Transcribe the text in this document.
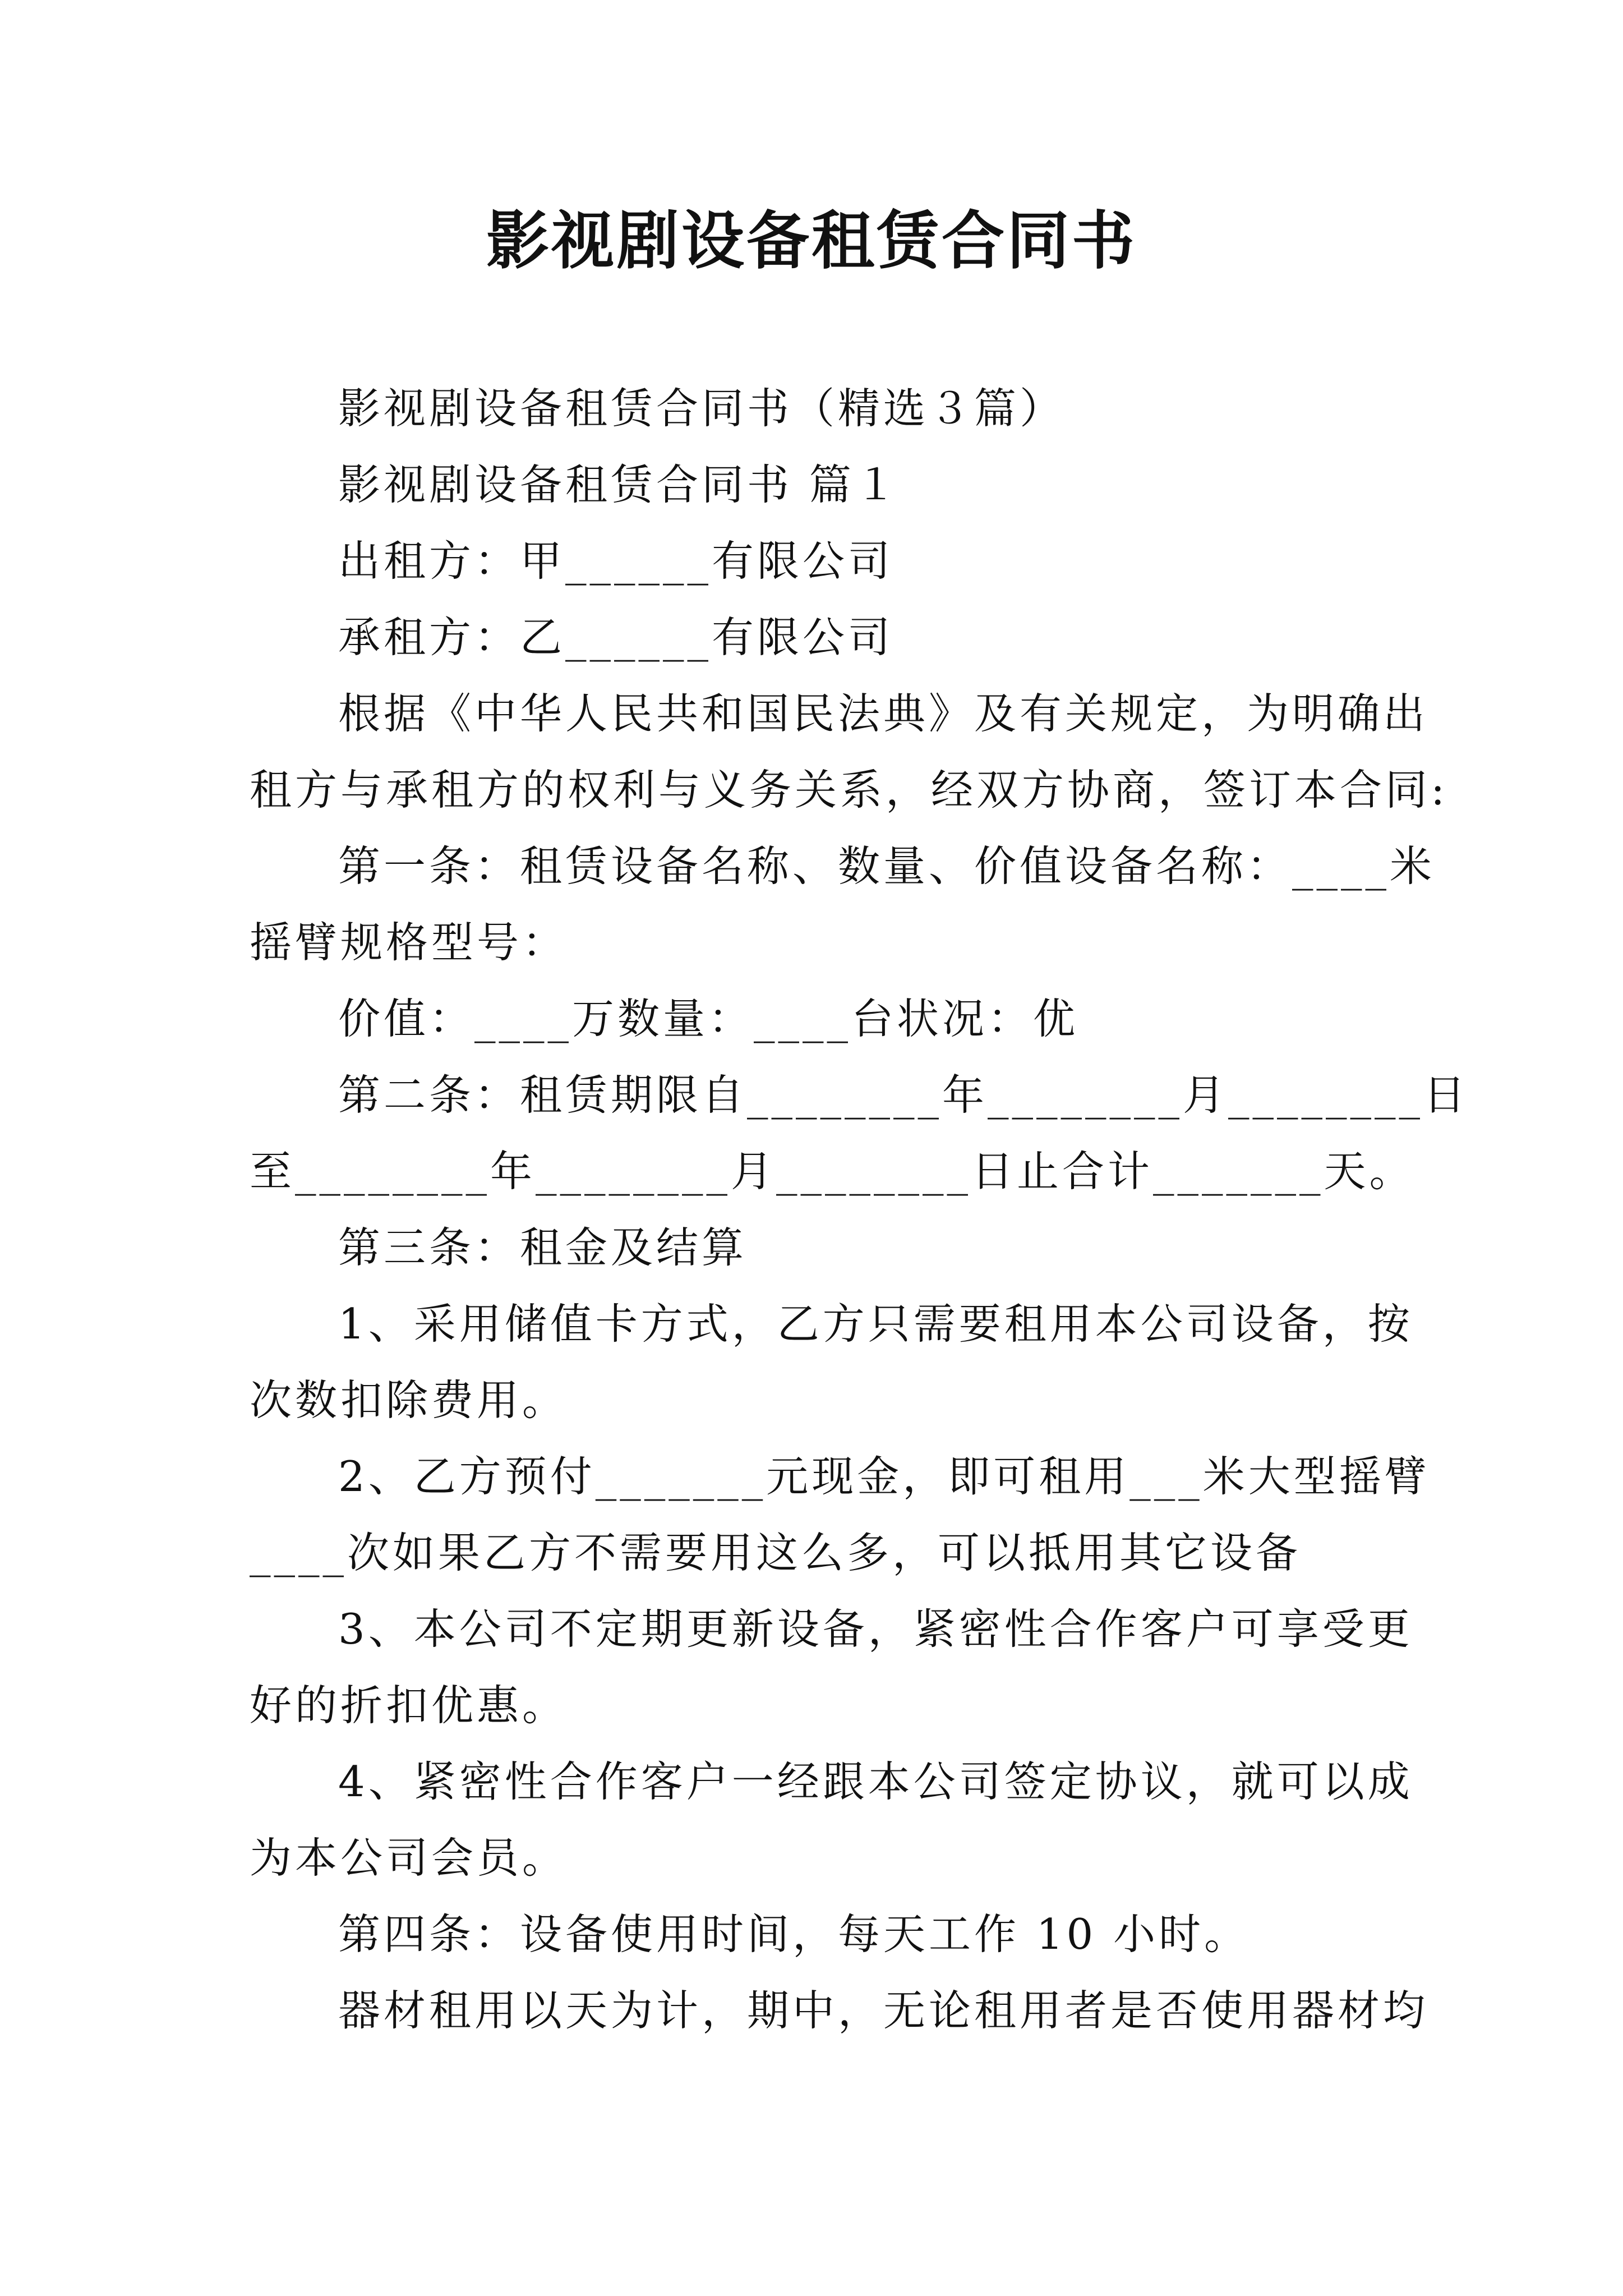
影视剧设备租赁合同书

影视剧设备租赁合同书（精选３篇）

影视剧设备租赁合同书 篇１

出租方：甲______有限公司

承租方：乙______有限公司

根据《中华人民共和国民法典》及有关规定，为明确出

租方与承租方的权利与义务关系，经双方协商，签订本合同:

第一条：租赁设备名称、数量、价值设备名称：____米

摇臂规格型号：

价值：____万数量：____台状况：优

第二条：租赁期限自________年________月________日

至________年________月________日止合计_______天。

第三条：租金及结算

1、采用储值卡方式，乙方只需要租用本公司设备，按

次数扣除费用。

2、乙方预付_______元现金，即可租用___米大型摇臂

____次如果乙方不需要用这么多，可以抵用其它设备

3、本公司不定期更新设备，紧密性合作客户可享受更

好的折扣优惠。

4、紧密性合作客户一经跟本公司签定协议，就可以成

为本公司会员。

第四条：设备使用时间，每天工作 10 小时。

器材租用以天为计，期中，无论租用者是否使用器材均
